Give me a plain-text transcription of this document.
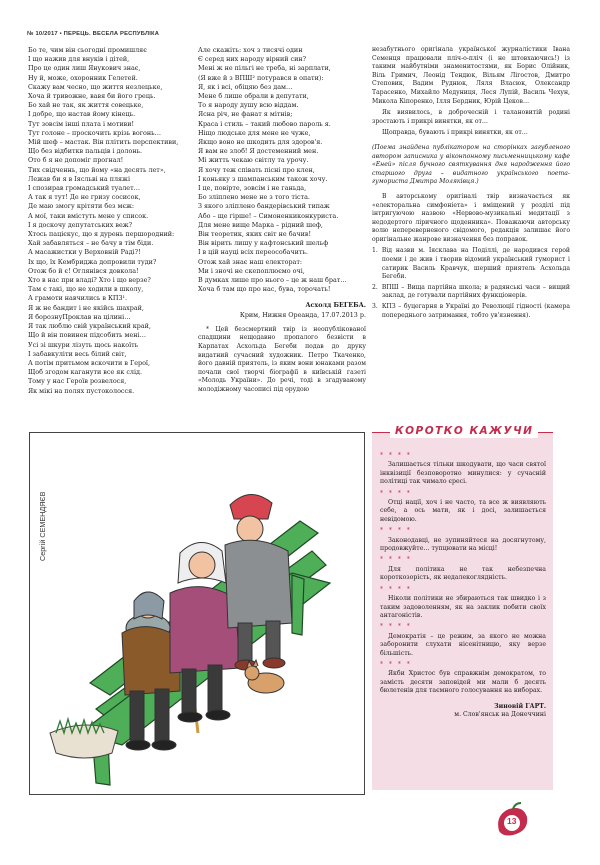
№ 10/2017 • ПЕРЕЦЬ. ВЕСЕЛА РЕСПУБЛІКА
Бо те, чим він сьогодні промишляє
І що нажив для внуків і дітей,
Про це один лиш Янукович знає,
Ну й, може, охоронник Гелетей.
Скажу вам чесно, що життя незлецьке,
Хоча й тривожне, вавя би його грець.
Бо хай не так, як життя совецьке,
І добре, що настав йому кінець.
Тут зовсім інші плата і мотиви!
Тут голоне – проскочить крізь вогонь…
Мій шеф – мастак. Він плітить перспективи,
Що без відбиткв пальців і долонь.
Ото б я не допоміг прогнал!
Тих свідченнь, що йому «на десять лет»,
Лежав би я в Іясльві на пляжі
І спозирав громадський туалет…
А так я тут! Де не гризу сосисок,
Де маю змогу крітяти без мєж:
А мої, таки вмістуть мене у список.
І я доскочу депутатських веж?
Хтось пацієкус, що я дурень першородний:
Хай забавляться – не бачу в тім біди.
А масажистки у Верховній Раді?!
Іх що, їх Кембриджа допровили туди?
Отож бо й є! Оглянівся довкола!
Хто в нас при владі? Хто і що верзе?
Там є такі, що не ходили в школу,
А грамоти навчились в КПЗ¹.
Я ж не бандит і не якійсь шахрай,
Я борознуПроклав на цілині…
Я так люблю свій український край,
Що й він повинен підсобить мені…
Усі зі шкури лізуть щось накоїть
І забавкуліти весь білий світ,
А потім притьмом вскочити в Герої,
Щоб згодом каганути все як слід.
Тому у нас Героїв розвелося,
Як мікі на полях пустоколосся.
Але скажіть: хоч з тисячі один
Є серед них народу вірний син?
Мені ж не пільгі не треба, ні зарплати,
(Я вже й з ВПШ² потурався в опати):
Я, як і всі, обіцяю без дам…
Мене б лише обрали в депутати,
То я народу душу всю віддам.
Ясна річ, не фанат я мітнів;
Краса і стиль – такий любово пароль я.
Ніщо людське для мене не чуже,
Якщо воно не шкодить для здоров'я.
Я вам не злоб! Я достеменний мен.
Мі житть чекаю світлу та урочу.
Я хочу теж співать пісні про клен,
І коньяку з шампанським також хочу.
І це, повірте, зовсім і не ганьда,
Бо зліплено мене не з того тіста.
З якого зліплено бандерівський типаж
Або – ще гірше! – Симоненкиконкуриста.
Для мене вище Марка – рідний шеф,
Він теоретик, яких світ не бачив!
Він вірить лишу у кафтонський шельф
І в цій науці всіх переособачить.
Отож хай знає наш електорат:
Ми і зночі не скепоплюємо очі,
В думках лише про нього – це ж наш брат…
Хоча б там що про нас, бува, торочать!
Асхолд БЕГЕБА.
Крим, Нижня Ореанда, 17.07.2013 р.
* Цей безсмертний твір із неопублікованої спадщини нещодавно пропалого безвісти в Карпатах Асхольда Бегеби подав до друку видатний сучасний художник. Петро Ткаченко, його давній приятель, із яким вони юнаками разом почали свої творчі біографії в київській газеті «Молодь України». До речі, тоді в згадуваному молодіжному часописі під орудою
незабутнього оригінала української журналістики Івана Семенця працювали пліч-о-пліч (і не штовхаючись!) із такими майбутніми знаменитостями, як Борис Олійник, Віль Гримич, Леонід Тендюк, Вільям Лігостов, Дмитро Степовик, Вадим Руднюк, Ляля Власюк, Олександр Тарасенко, Михайло Медуниця, Леся Лупій, Василь Чехун, Микола Кіпоренко, Ілля Бердник, Юрій Цеков…
Як виявилось, в доброчесній і талановитій родині зростають і прикрі винятки, як от…
Щоправда, бувають і прикрі винятки, як от…
(Поема знайдена публікатором на сторінках загубленого автором записника у віконпонному письменницькому кафе «Еней» після бучного святкування дня народження його старшого друга – видатного українського поета-гумориста Дмитра Моляківця.)
В авторському оригіналі твір визначається як «електоральна симфоніета» і вміщений у розділі під інтригуючою назвою «Нервово-музикальні медитації з недодертого ліричного щоденника». Поважаючи авторську волю непереверненого свідомого, редакція залишає його оригінальне жанрове визначення без поправок.
1. Від назви м. Іясклава на Поділлі, де народився герой поеми і де жив і творив відомий український гуморист і сатирик Василь Кравчук, шерший приятель Асхольда Бегеби.
2. ВПШ – Вища партійна школа; в радянські часи – вищий заклад, де готували партійних функціонерів.
3. КПЗ – буцегарня в Україні до Революції гідності (камера попереднього затримання, тобто ув'язнення).
Сергій СЕМЕНДЯЄВ
КОРОТКО КАЖУЧИ
* * * *
Залишається тільки шкодувати, що часи святої інквізиції безповоротно минулися: у сучасній політиці так чимало єресі.
* * * *
Отці нації, хоч і не часто, та все ж виявляють себе, а ось мати, як і досі, залишається невідомою.
* * * *
Законодавці, не зупиняйтеся на досягнутому, продовжуйте… тупцювати на місці!
* * * *
Для політика не так небезпечна короткозорість, як недалекоглядність.
* * * *
Ніколи політики не збираються так швидко і з таким задоволенням, як на заклик побити своїх антагоністів.
* * * *
Демократія – це режим, за якого не можна заборонити слухати нісенітницю, яку верзе більшість.
* * * *
Якби Христос був справжнім демократом, то замість десяти заповідей ми мали б десять бюлетенів для таємного голосування на виборах.
Зиновій ГАРТ.
м. Слов'янськ на Донеччині
13
